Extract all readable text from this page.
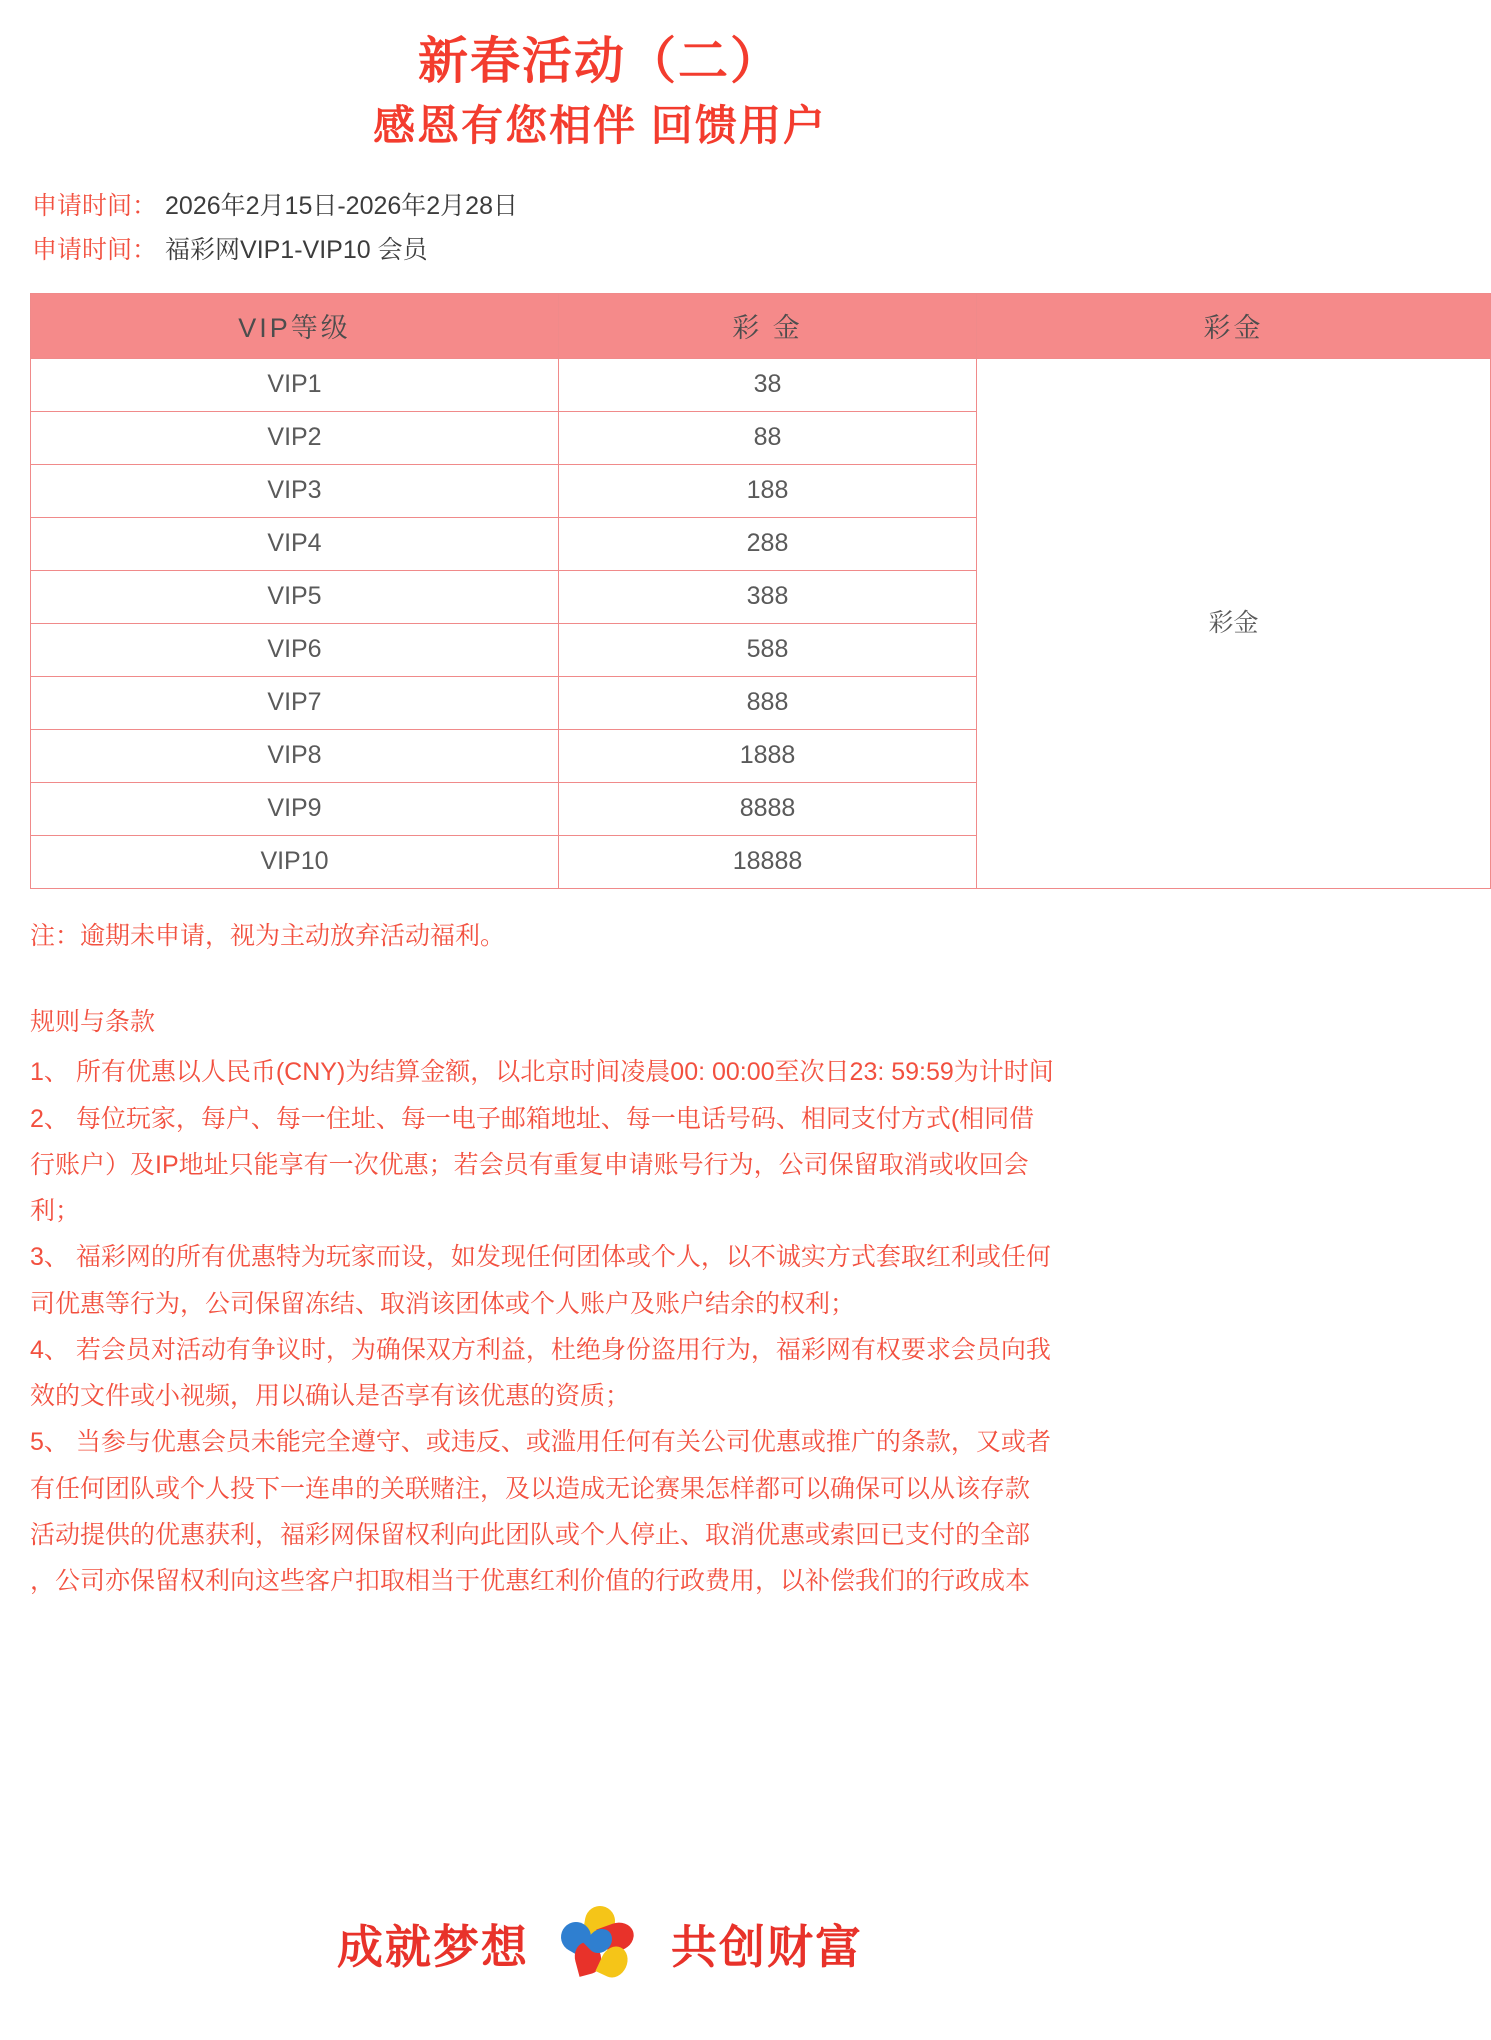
新春活动（二）
感恩有您相伴 回馈用户
申请时间： 2026年2月15日-2026年2月28日
申请时间： 福彩网VIP1-VIP10 会员
VIP等级	彩 金	彩金
VIP1	38	彩金
VIP2	88	
VIP3	188	
VIP4	288	
VIP5	388	
VIP6	588	
VIP7	888	
VIP8	1888	
VIP9	8888	
VIP10	18888	
注：逾期未申请，视为主动放弃活动福利。
规则与条款
1、 所有优惠以人民币(CNY)为结算金额，以北京时间凌晨00: 00:00至次日23: 59:59为计时间
2、 每位玩家，每户、每一住址、每一电子邮箱地址、每一电话号码、相同支付方式(相同借
行账户）及IP地址只能享有一次优惠；若会员有重复申请账号行为，公司保留取消或收回会
利；
3、 福彩网的所有优惠特为玩家而设，如发现任何团体或个人，以不诚实方式套取红利或任何
司优惠等行为，公司保留冻结、取消该团体或个人账户及账户结余的权利；
4、 若会员对活动有争议时，为确保双方利益，杜绝身份盗用行为，福彩网有权要求会员向我
效的文件或小视频，用以确认是否享有该优惠的资质；
5、 当参与优惠会员未能完全遵守、或违反、或滥用任何有关公司优惠或推广的条款，又或者
有任何团队或个人投下一连串的关联赌注，及以造成无论赛果怎样都可以确保可以从该存款
活动提供的优惠获利，福彩网保留权利向此团队或个人停止、取消优惠或索回已支付的全部
，公司亦保留权利向这些客户扣取相当于优惠红利价值的行政费用，以补偿我们的行政成本
成就梦想	共创财富
